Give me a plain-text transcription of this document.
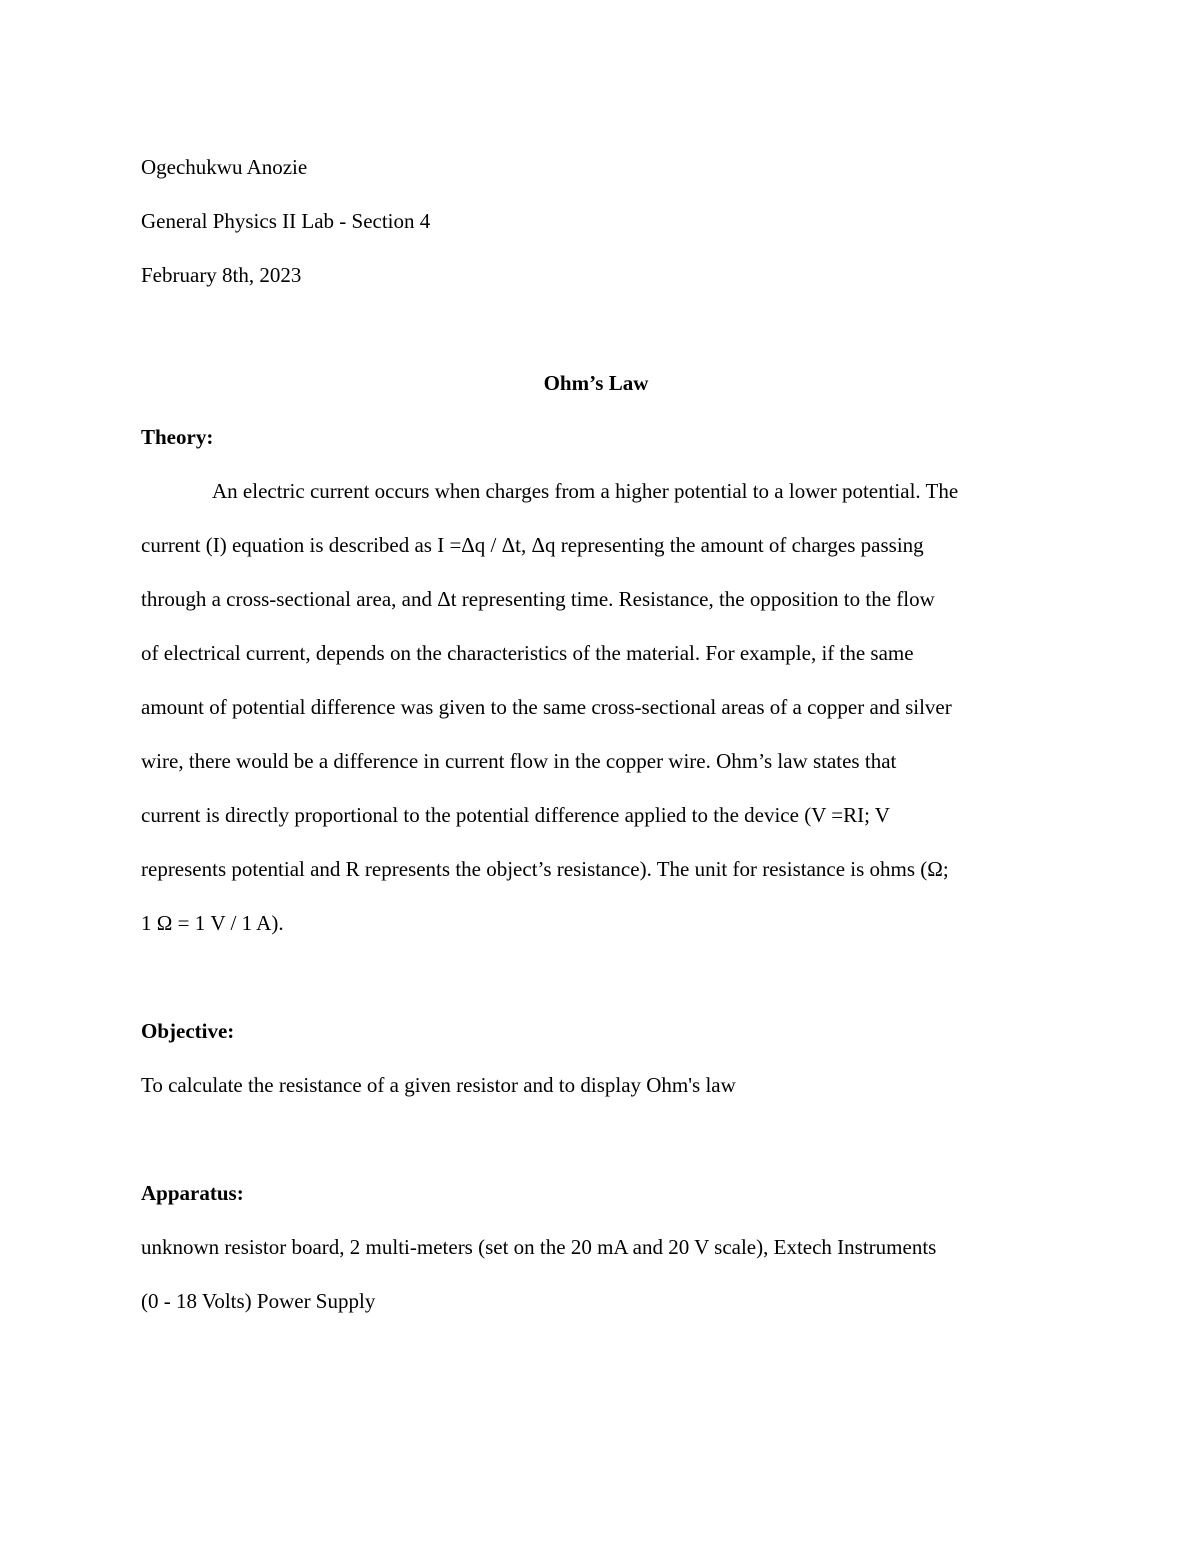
Ogechukwu Anozie

General Physics II Lab - Section 4

February 8th, 2023

Ohm’s Law

Theory:

An electric current occurs when charges from a higher potential to a lower potential. The

current (I) equation is described as I =Δq / Δt, Δq representing the amount of charges passing

through a cross-sectional area, and Δt representing time. Resistance, the opposition to the flow

of electrical current, depends on the characteristics of the material. For example, if the same

amount of potential difference was given to the same cross-sectional areas of a copper and silver

wire, there would be a difference in current flow in the copper wire. Ohm’s law states that

current is directly proportional to the potential difference applied to the device (V =RI; V

represents potential and R represents the object’s resistance). The unit for resistance is ohms (Ω;

1 Ω = 1 V / 1 A).

Objective:

To calculate the resistance of a given resistor and to display Ohm's law

Apparatus:

unknown resistor board, 2 multi-meters (set on the 20 mA and 20 V scale), Extech Instruments

(0 - 18 Volts) Power Supply
